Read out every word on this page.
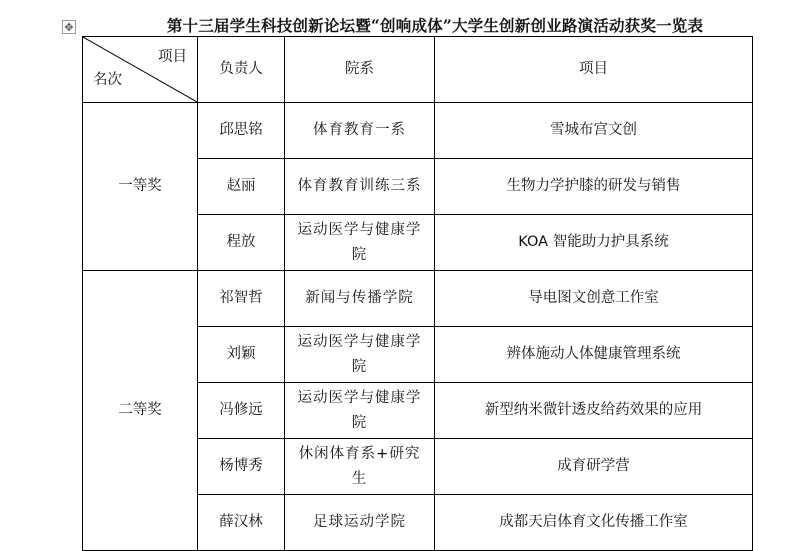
✥	第十三届学生科技创新论坛暨“创响成体”大学生创新创业路演活动获奖一览表
项目
名次	负责人	院系	项目
一等奖	邱思铭	体育教育一系	雪城布宫文创
	赵丽	体育教育训练三系	生物力学护膝的研发与销售
	程放	运动医学与健康学院	KOA 智能助力护具系统
二等奖	祁智哲	新闻与传播学院	导电图文创意工作室
	刘颖	运动医学与健康学院	辨体施动人体健康管理系统
	冯修远	运动医学与健康学院	新型纳米微针透皮给药效果的应用
	杨博秀	休闲体育系+研究生	成育研学营
	薛汉林	足球运动学院	成都天启体育文化传播工作室
